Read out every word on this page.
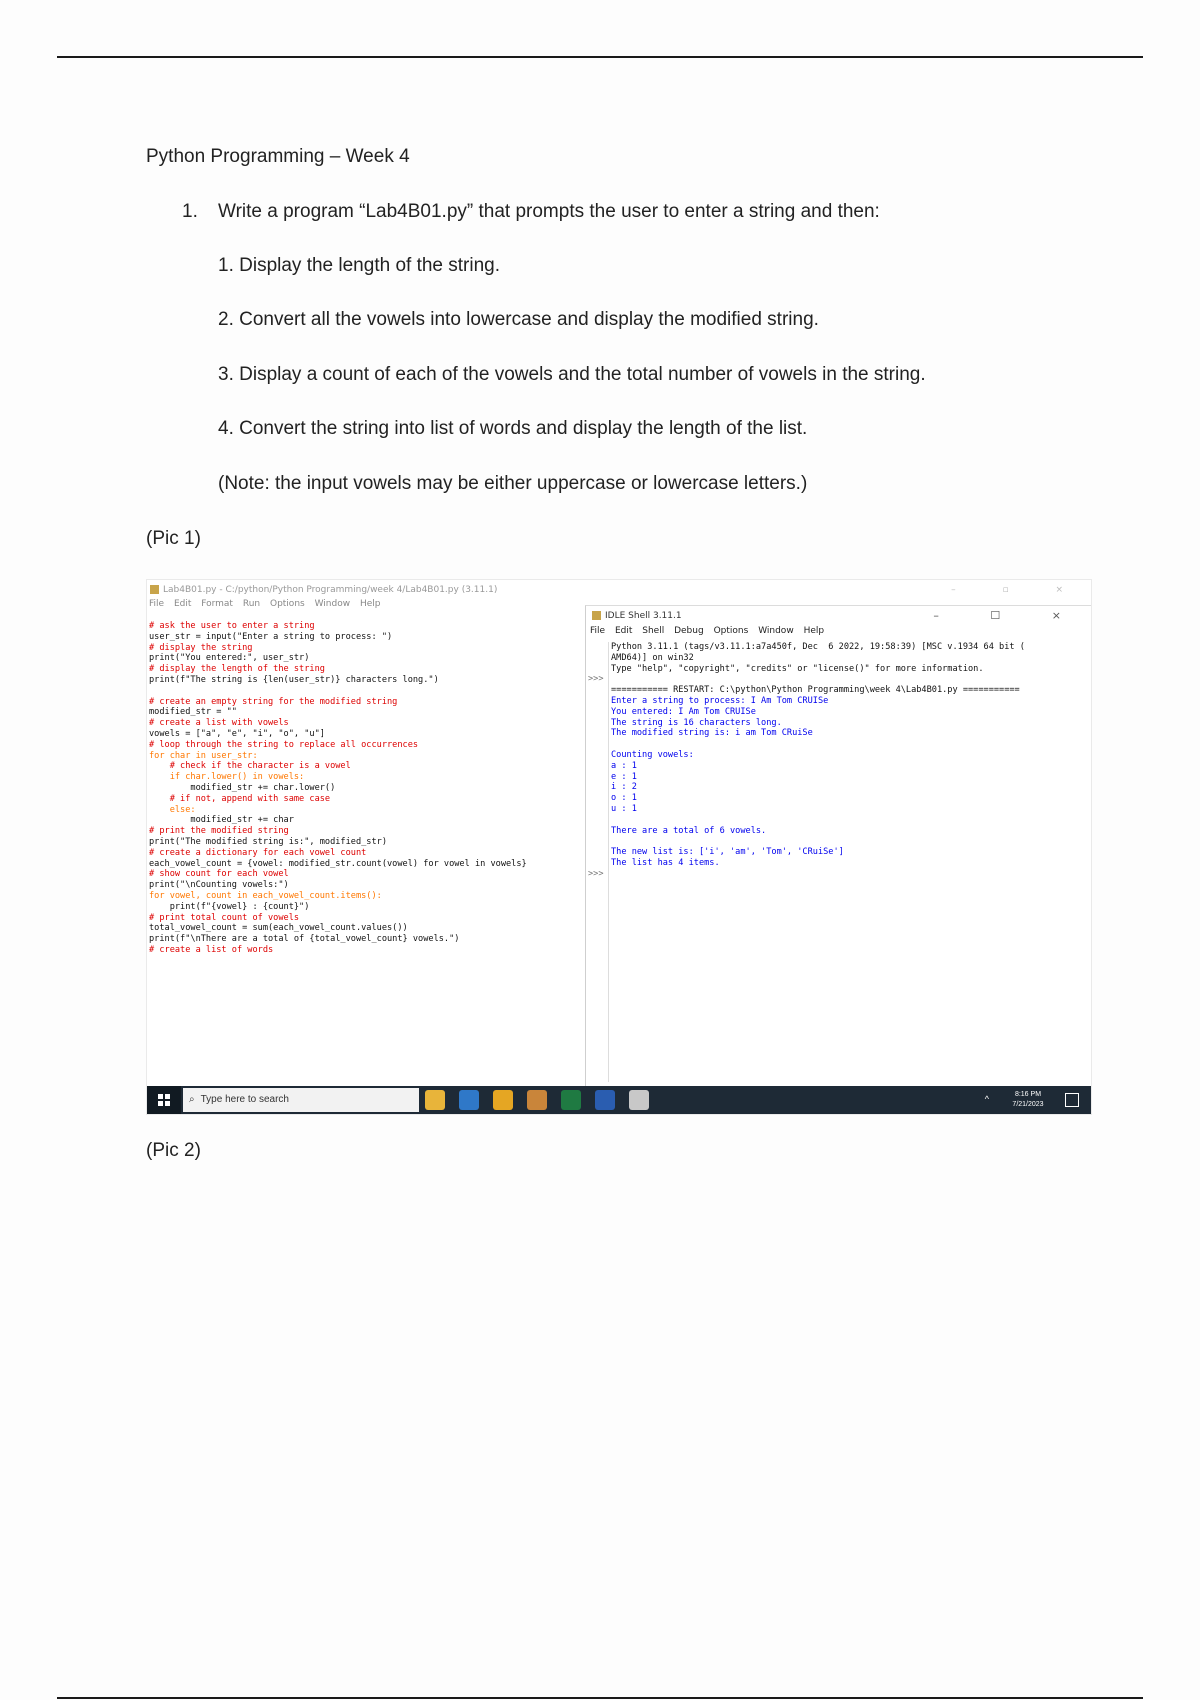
Python Programming – Week 4
1. Write a program “Lab4B01.py” that prompts the user to enter a string and then:
1. Display the length of the string.
2. Convert all the vowels into lowercase and display the modified string.
3. Display a count of each of the vowels and the total number of vowels in the string.
4. Convert the string into list of words and display the length of the list.
(Note: the input vowels may be either uppercase or lowercase letters.)
(Pic 1)
Lab4B01.py - C:/python/Python Programming/week 4/Lab4B01.py (3.11.1)	– ▫ ×
File Edit Format Run Options Window Help
# ask the user to enter a string
user_str = input("Enter a string to process: ")
# display the string
print("You entered:", user_str)
# display the length of the string
print(f"The string is {len(user_str)} characters long.")
# create an empty string for the modified string
modified_str = ""
# create a list with vowels
vowels = ["a", "e", "i", "o", "u"]
# loop through the string to replace all occurrences
for char in user_str:
# check if the character is a vowel
if char.lower() in vowels:
modified_str += char.lower()
# if not, append with same case
else:
modified_str += char
# print the modified string
print("The modified string is:", modified_str)
# create a dictionary for each vowel count
each_vowel_count = {vowel: modified_str.count(vowel) for vowel in vowels}
# show count for each vowel
print("\nCounting vowels:")
for vowel, count in each_vowel_count.items():
print(f"{vowel} : {count}")
# print total count of vowels
total_vowel_count = sum(each_vowel_count.values())
print(f"\nThere are a total of {total_vowel_count} vowels.")
# create a list of words
IDLE Shell 3.11.1	– ☐ ×
File Edit Shell Debug Options Window Help
>>>
>>>
Python 3.11.1 (tags/v3.11.1:a7a450f, Dec  6 2022, 19:58:39) [MSC v.1934 64 bit (
AMD64)] on win32
Type "help", "copyright", "credits" or "license()" for more information.
=========== RESTART: C:\python\Python Programming\week 4\Lab4B01.py ===========
Enter a string to process: I Am Tom CRUISe
You entered: I Am Tom CRUISe
The string is 16 characters long.
The modified string is: i am Tom CRuiSe
Counting vowels:
a : 1
e : 1
i : 2
o : 1
u : 1
There are a total of 6 vowels.
The new list is: ['i', 'am', 'Tom', 'CRuiSe']
The list has 4 items.
⌕ Type here to search	^	8:16 PM
7/21/2023
(Pic 2)
